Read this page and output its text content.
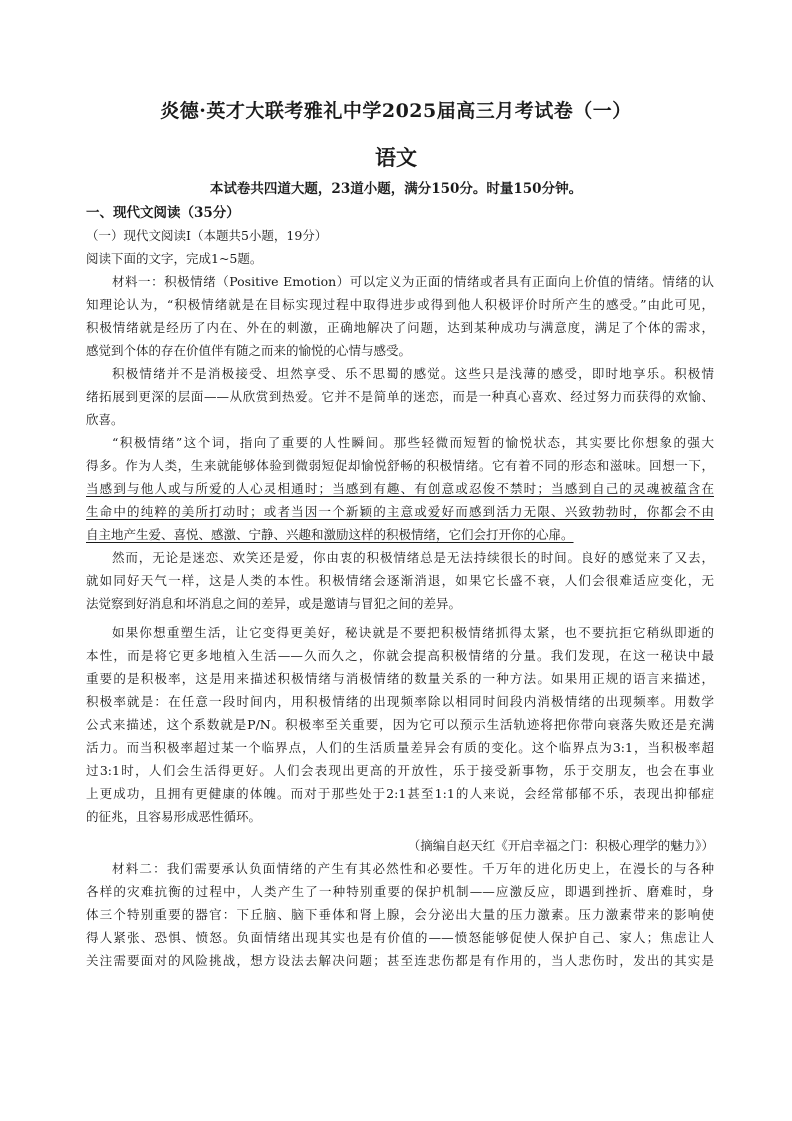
炎德·英才大联考雅礼中学2025届高三月考试卷（一）
语文
本试卷共四道大题，23道小题，满分150分。时量150分钟。
一、现代文阅读（35分）
（一）现代文阅读Ⅰ（本题共5小题，19分）
阅读下面的文字，完成1~5题。
材料一：积极情绪（Positive Emotion）可以定义为正面的情绪或者具有正面向上价值的情绪。情绪的认
知理论认为，“积极情绪就是在目标实现过程中取得进步或得到他人积极评价时所产生的感受。”由此可见，
积极情绪就是经历了内在、外在的刺激，正确地解决了问题，达到某种成功与满意度，满足了个体的需求，
感觉到个体的存在价值伴有随之而来的愉悦的心情与感受。
积极情绪并不是消极接受、坦然享受、乐不思蜀的感觉。这些只是浅薄的感受，即时地享乐。积极情
绪拓展到更深的层面——从欣赏到热爱。它并不是简单的迷恋，而是一种真心喜欢、经过努力而获得的欢愉、
欣喜。
“积极情绪”这个词，指向了重要的人性瞬间。那些轻微而短暂的愉悦状态，其实要比你想象的强大
得多。作为人类，生来就能够体验到微弱短促却愉悦舒畅的积极情绪。它有着不同的形态和滋味。回想一下，
当感到与他人或与所爱的人心灵相通时；当感到有趣、有创意或忍俊不禁时；当感到自己的灵魂被蕴含在
生命中的纯粹的美所打动时；或者当因一个新颖的主意或爱好而感到活力无限、兴致勃勃时，你都会不由
自主地产生爱、喜悦、感激、宁静、兴趣和激励这样的积极情绪，它们会打开你的心扉。
然而，无论是迷恋、欢笑还是爱，你由衷的积极情绪总是无法持续很长的时间。良好的感觉来了又去，
就如同好天气一样，这是人类的本性。积极情绪会逐渐消退，如果它长盛不衰，人们会很难适应变化，无
法觉察到好消息和坏消息之间的差异，或是邀请与冒犯之间的差异。
如果你想重塑生活，让它变得更美好，秘诀就是不要把积极情绪抓得太紧，也不要抗拒它稍纵即逝的
本性，而是将它更多地植入生活——久而久之，你就会提高积极情绪的分量。我们发现，在这一秘诀中最
重要的是积极率，这是用来描述积极情绪与消极情绪的数量关系的一种方法。如果用正规的语言来描述，
积极率就是：在任意一段时间内，用积极情绪的出现频率除以相同时间段内消极情绪的出现频率。用数学
公式来描述，这个系数就是P/N。积极率至关重要，因为它可以预示生活轨迹将把你带向衰落失败还是充满
活力。而当积极率超过某一个临界点，人们的生活质量差异会有质的变化。这个临界点为3:1，当积极率超
过3:1时，人们会生活得更好。人们会表现出更高的开放性，乐于接受新事物，乐于交朋友，也会在事业
上更成功，且拥有更健康的体魄。而对于那些处于2:1甚至1:1的人来说，会经常郁郁不乐，表现出抑郁症
的征兆，且容易形成恶性循环。
（摘编自赵天红《开启幸福之门：积极心理学的魅力》）
材料二：我们需要承认负面情绪的产生有其必然性和必要性。千万年的进化历史上，在漫长的与各种
各样的灾难抗衡的过程中，人类产生了一种特别重要的保护机制——应激反应，即遇到挫折、磨难时，身
体三个特别重要的器官：下丘脑、脑下垂体和肾上腺，会分泌出大量的压力激素。压力激素带来的影响使
得人紧张、恐惧、愤怒。负面情绪出现其实也是有价值的——愤怒能够促使人保护自己、家人；焦虑让人
关注需要面对的风险挑战，想方设法去解决问题；甚至连悲伤都是有作用的，当人悲伤时，发出的其实是
